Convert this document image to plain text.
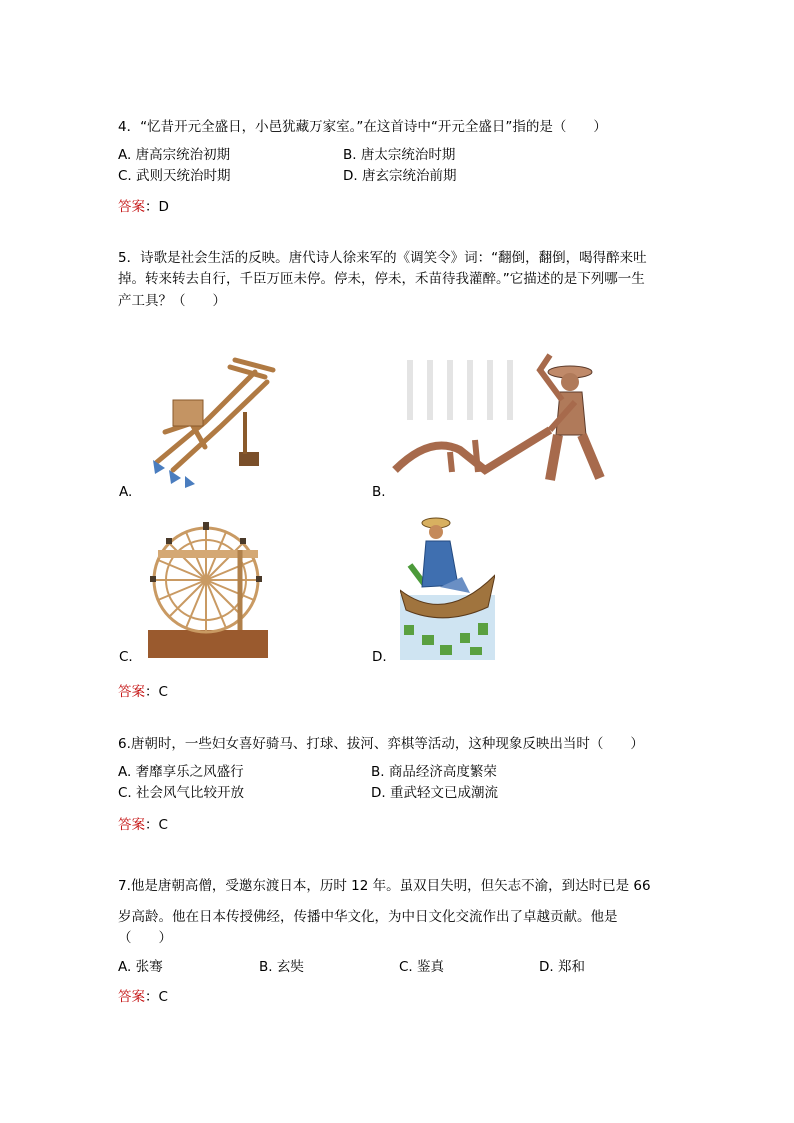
4．“忆昔开元全盛日，小邑犹藏万家室。”在这首诗中“开元全盛日”指的是（　　）
A. 唐高宗统治初期	B. 唐太宗统治时期
C. 武则天统治时期	D. 唐玄宗统治前期
答案：D
5．诗歌是社会生活的反映。唐代诗人徐来军的《调笑令》词：“翻倒，翻倒，喝得醉来吐
掉。转来转去自行，千臣万匝未停。停未，停未，禾苗待我灌醉。”它描述的是下列哪一生
产工具？（　　）
A.	B.
C.	D.
答案：C
6.唐朝时，一些妇女喜好骑马、打球、拔河、弈棋等活动，这种现象反映出当时（　　）
A. 奢靡享乐之风盛行	B. 商品经济高度繁荣
C. 社会风气比较开放	D. 重武轻文已成潮流
答案：C
7.他是唐朝高僧，受邀东渡日本，历时 12 年。虽双目失明，但矢志不渝，到达时已是 66
岁高龄。他在日本传授佛经，传播中华文化，为中日文化交流作出了卓越贡献。他是
（　　）
A. 张骞	B. 玄奘	C. 鉴真	D. 郑和
答案：C
